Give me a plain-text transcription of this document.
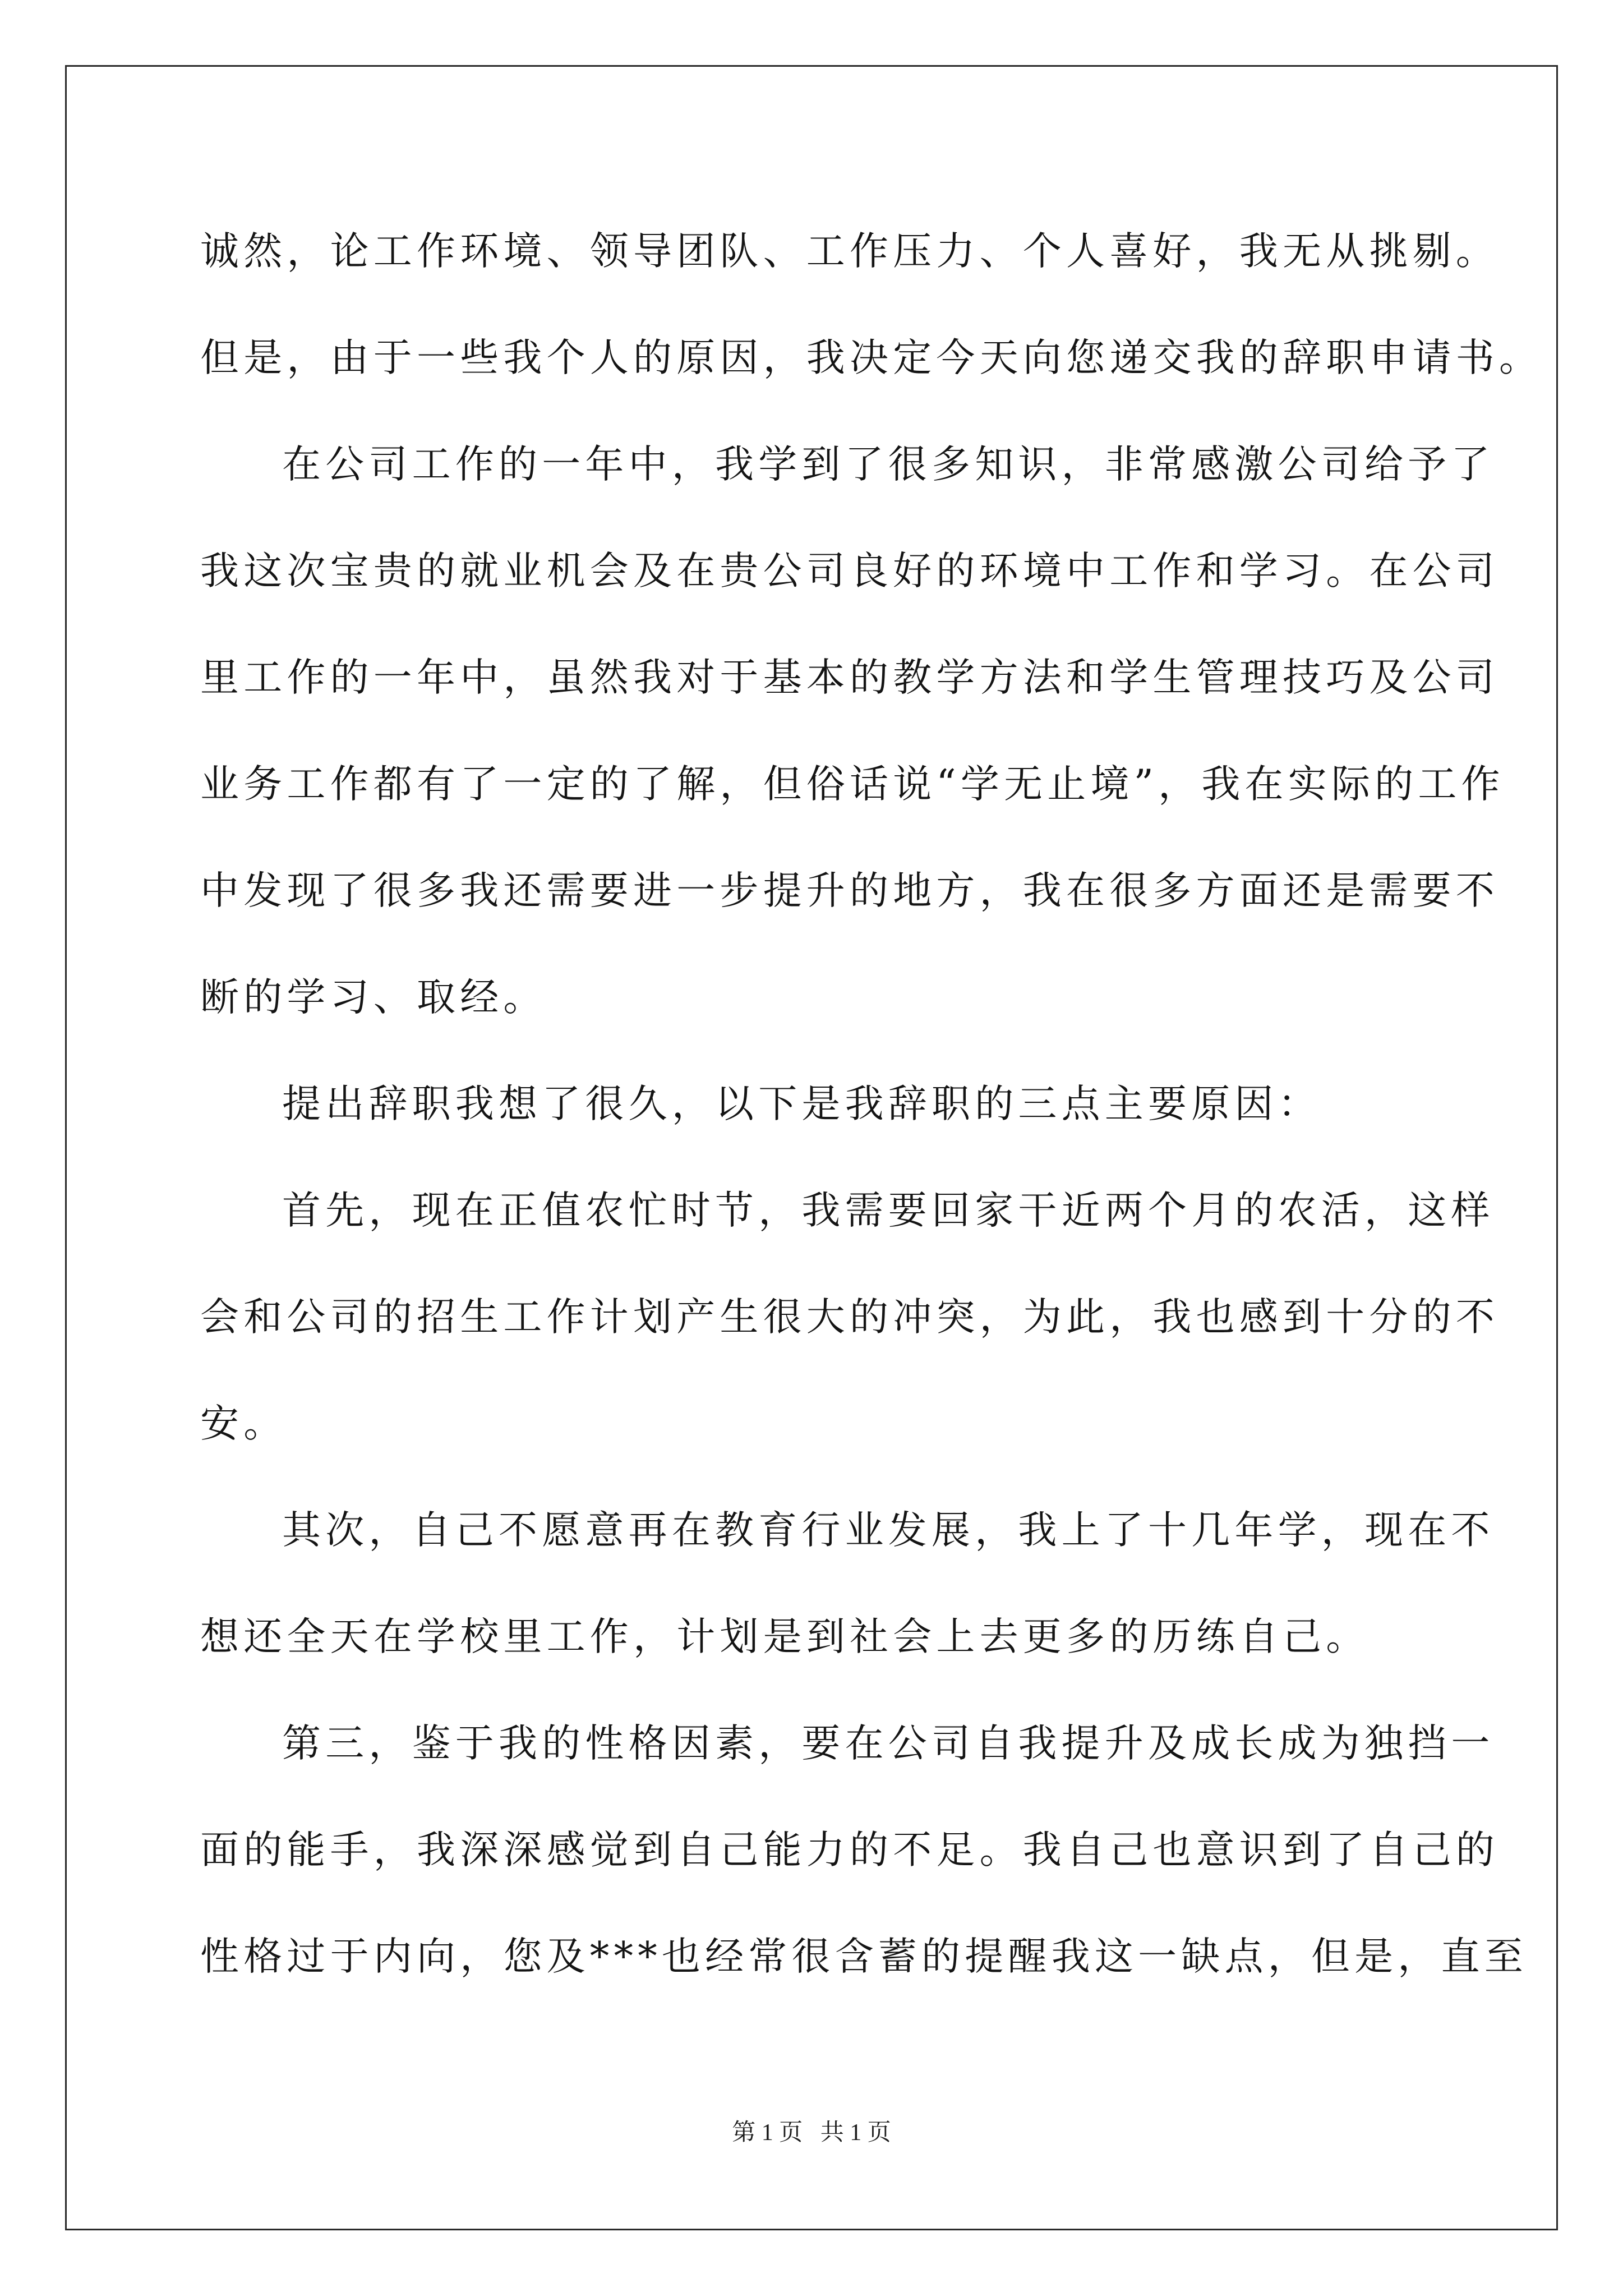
诚然，论工作环境、领导团队、工作压力、个人喜好，我无从挑剔。
但是，由于一些我个人的原因，我决定今天向您递交我的辞职申请书。
在公司工作的一年中，我学到了很多知识，非常感激公司给予了
我这次宝贵的就业机会及在贵公司良好的环境中工作和学习。在公司
里工作的一年中，虽然我对于基本的教学方法和学生管理技巧及公司
业务工作都有了一定的了解，但俗话说“学无止境”，我在实际的工作
中发现了很多我还需要进一步提升的地方，我在很多方面还是需要不
断的学习、取经。
提出辞职我想了很久，以下是我辞职的三点主要原因：
首先，现在正值农忙时节，我需要回家干近两个月的农活，这样
会和公司的招生工作计划产生很大的冲突，为此，我也感到十分的不
安。
其次，自己不愿意再在教育行业发展，我上了十几年学，现在不
想还全天在学校里工作，计划是到社会上去更多的历练自己。
第三，鉴于我的性格因素，要在公司自我提升及成长成为独挡一
面的能手，我深深感觉到自己能力的不足。我自己也意识到了自己的
性格过于内向，您及***也经常很含蓄的提醒我这一缺点，但是，直至
第 1 页 共 1 页
